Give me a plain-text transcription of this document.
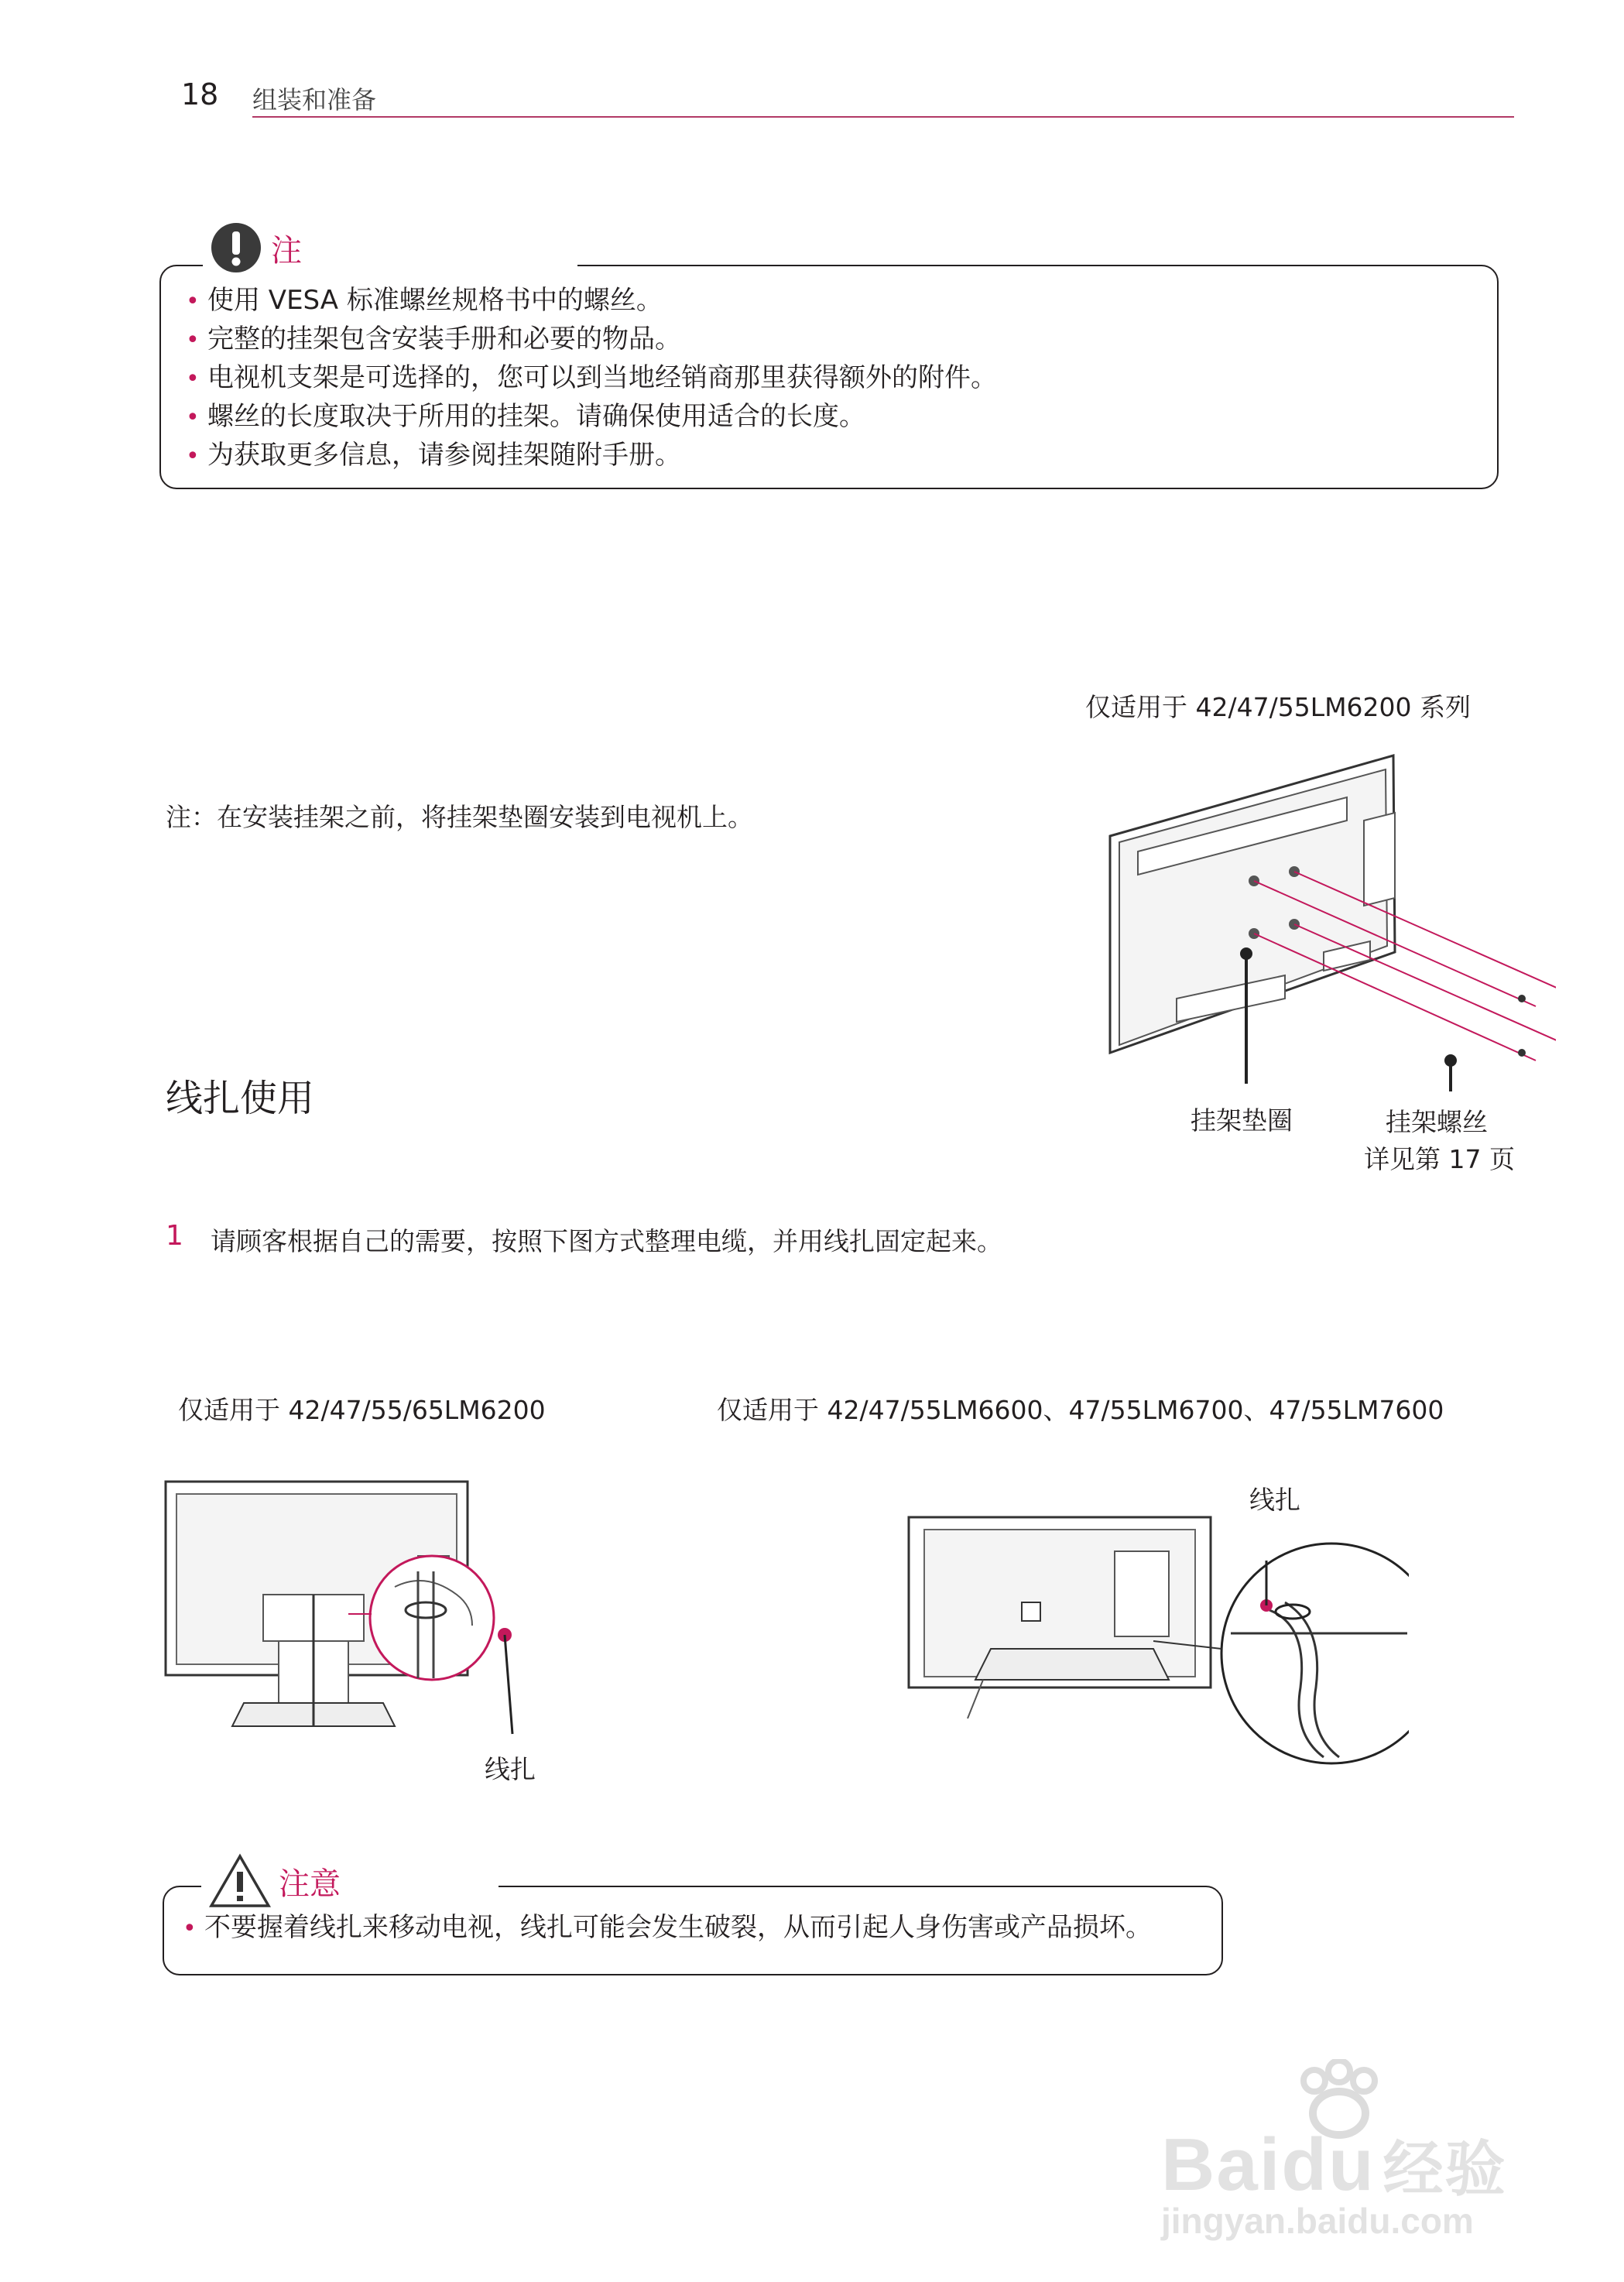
18 组装和准备
注
• 使用 VESA 标准螺丝规格书中的螺丝。
• 完整的挂架包含安装手册和必要的物品。
• 电视机支架是可选择的，您可以到当地经销商那里获得额外的附件。
• 螺丝的长度取决于所用的挂架。请确保使用适合的长度。
• 为获取更多信息，请参阅挂架随附手册。
仅适用于 42/47/55LM6200 系列
注：在安装挂架之前，将挂架垫圈安装到电视机上。
挂架垫圈	挂架螺丝
详见第 17 页
线扎使用
1 请顾客根据自己的需要，按照下图方式整理电缆，并用线扎固定起来。
仅适用于 42/47/55/65LM6200	仅适用于 42/47/55LM6600、47/55LM6700、47/55LM7600
线扎
线扎
注意
• 不要握着线扎来移动电视，线扎可能会发生破裂，从而引起人身伤害或产品损坏。
Baidu 经验
jingyan.baidu.com
